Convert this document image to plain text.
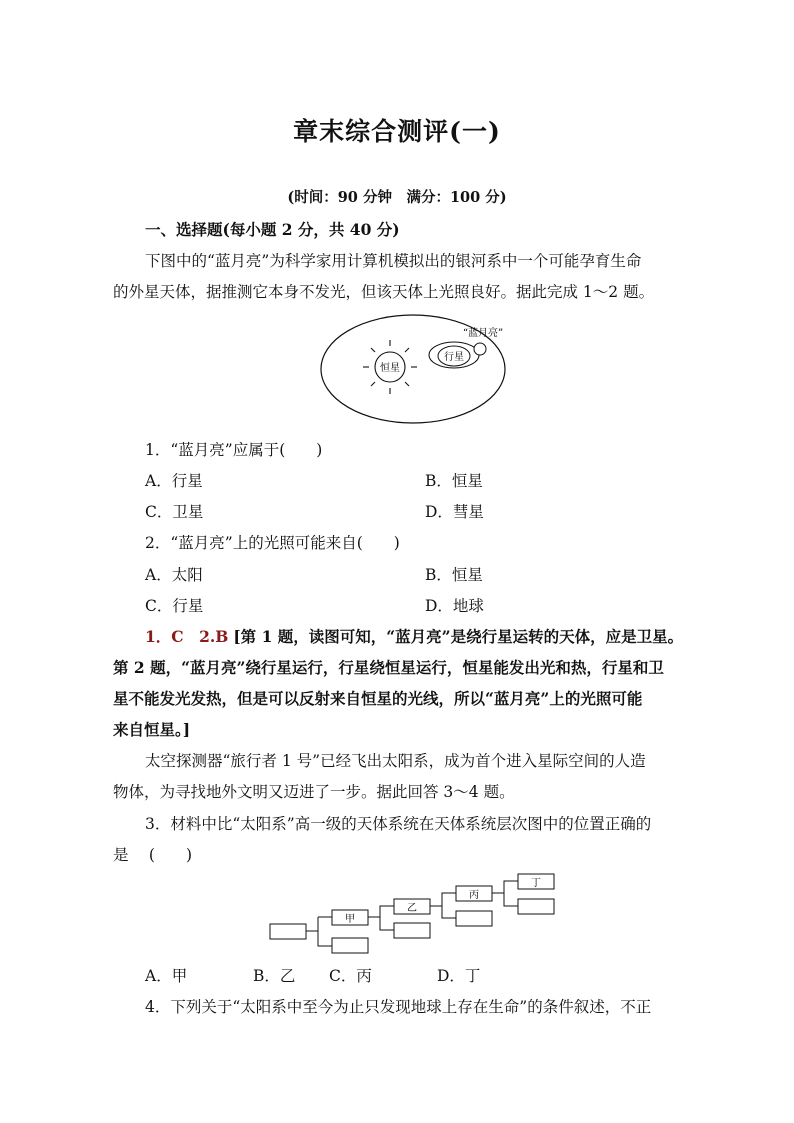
章末综合测评(一)
(时间：90 分钟　满分：100 分)
一、选择题(每小题 2 分，共 40 分)
下图中的“蓝月亮”为科学家用计算机模拟出的银河系中一个可能孕育生命
的外星天体，据推测它本身不发光，但该天体上光照良好。据此完成 1～2 题。
恒星
行星
“蓝月亮”
1．“蓝月亮”应属于(　　)
A．行星	B．恒星
C．卫星	D．彗星
2．“蓝月亮”上的光照可能来自(　　)
A．太阳	B．恒星
C．行星	D．地球
1．C　2.B [第 1 题，读图可知，“蓝月亮”是绕行星运转的天体，应是卫星。
第 2 题，“蓝月亮”绕行星运行，行星绕恒星运行，恒星能发出光和热，行星和卫
星不能发光发热，但是可以反射来自恒星的光线，所以“蓝月亮”上的光照可能
来自恒星。]
太空探测器“旅行者 1 号”已经飞出太阳系，成为首个进入星际空间的人造
物体，为寻找地外文明又迈进了一步。据此回答 3～4 题。
3．材料中比“太阳系”高一级的天体系统在天体系统层次图中的位置正确的
是　 (　　)
甲
乙
丙
丁
A．甲	B．乙 C．丙	D．丁
4．下列关于“太阳系中至今为止只发现地球上存在生命”的条件叙述，不正
